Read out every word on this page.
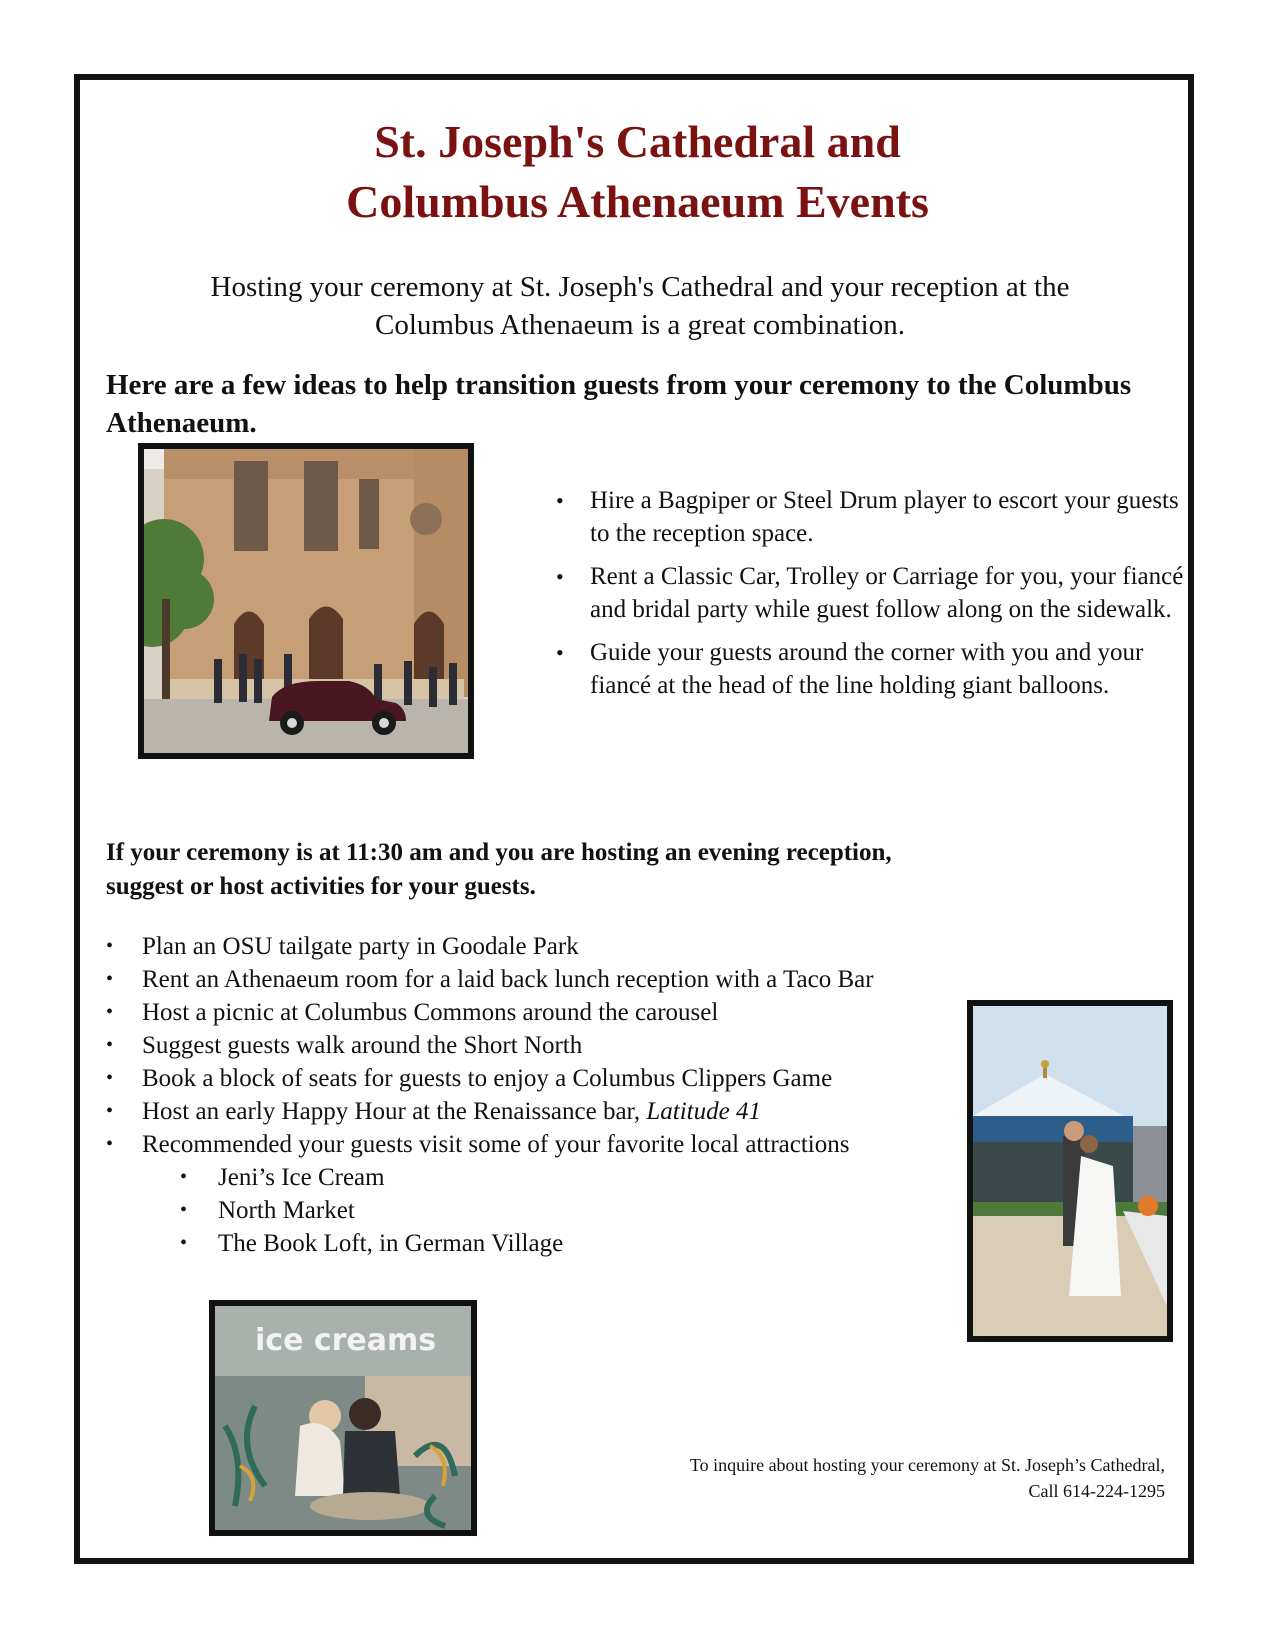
St. Joseph's Cathedral and
Columbus Athenaeum Events

Hosting your ceremony at St. Joseph's Cathedral and your reception at the
Columbus Athenaeum is a great combination.

Here are a few ideas to help transition guests from your ceremony to the Columbus Athenaeum.

• Hire a Bagpiper or Steel Drum player to escort your guests to the reception space.
• Rent a Classic Car, Trolley or Carriage for you, your fiancé and bridal party while guest follow along on the sidewalk.
• Guide your guests around the corner with you and your fiancé at the head of the line holding giant balloons.

If your ceremony is at 11:30 am and you are hosting an evening reception,
suggest or host activities for your guests.

• Plan an OSU tailgate party in Goodale Park
• Rent an Athenaeum room for a laid back lunch reception with a Taco Bar
• Host a picnic at Columbus Commons around the carousel
• Suggest guests walk around the Short North
• Book a block of seats for guests to enjoy a Columbus Clippers Game
• Host an early Happy Hour at the Renaissance bar, Latitude 41
• Recommended your guests visit some of your favorite local attractions
• Jeni’s Ice Cream
• North Market
• The Book Loft, in German Village
ice creams

To inquire about hosting your ceremony at St. Joseph’s Cathedral,
Call 614-224-1295
